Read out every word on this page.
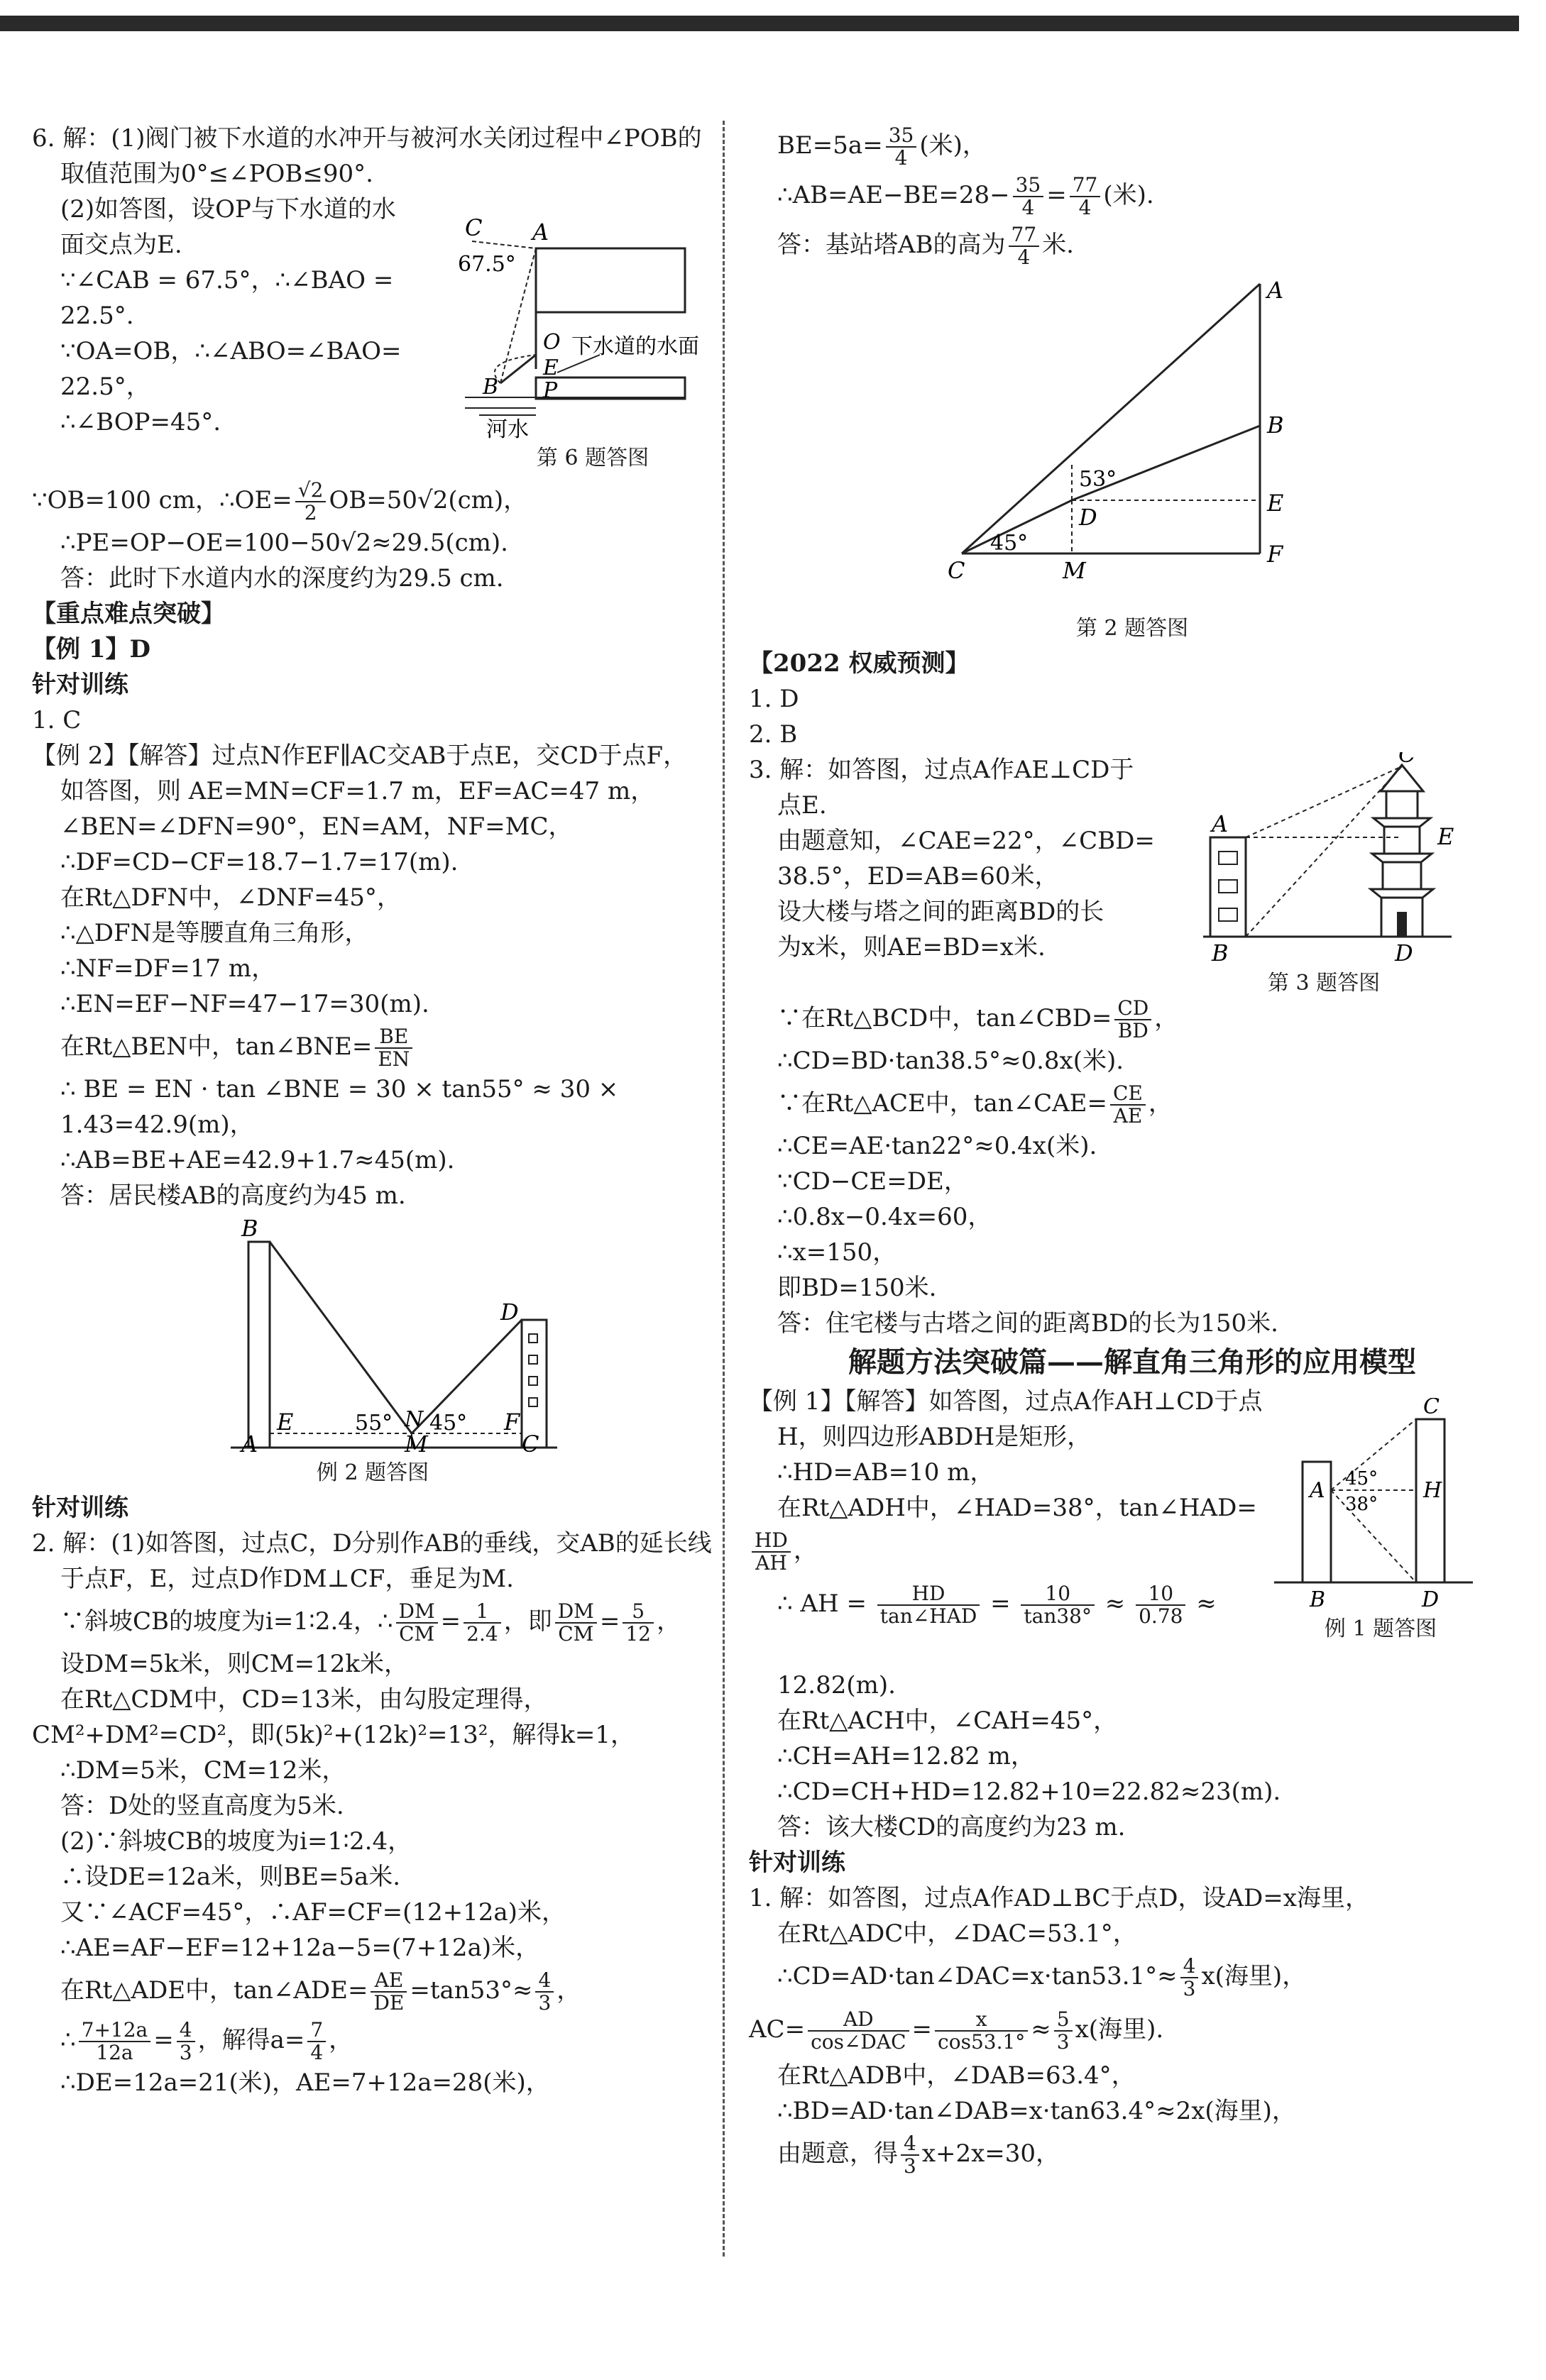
6. 解：(1)阀门被下水道的水冲开与被河水关闭过程中∠POB的
取值范围为0°≤∠POB≤90°.
(2)如答图，设OP与下水道的水
面交点为E.
∵∠CAB = 67.5°，∴∠BAO =
22.5°.
∵OA=OB，∴∠ABO=∠BAO=
22.5°，
∴∠BOP=45°.
C A
67.5°
O
B
E
P
下水道的水面
河水
第 6 题答图
∵OB=100 cm，∴OE= $\frac{√2}{2} OB=50√2(cm)$，
∴PE=OP−OE=100−50√2≈29.5(cm).
答：此时下水道内水的深度约为29.5 cm.
【重点难点突破】
【例 1】D
针对训练
1. C
【例 2】【解答】过点N作EF∥AC交AB于点E，交CD于点F，
如答图，则 AE=MN=CF=1.7 m，EF=AC=47 m，
∠BEN=∠DFN=90°，EN=AM，NF=MC，
∴DF=CD−CF=18.7−1.7=17(m).
在Rt△DFN中，∠DNF=45°，
∴△DFN是等腰直角三角形，
∴NF=DF=17 m，
∴EN=EF−NF=47−17=30(m).
在Rt△BEN中，tan∠BNE= $\frac{BE}{EN}$
∴ BE = EN · tan ∠BNE = 30 × tan55° ≈ 30 ×
1.43=42.9(m)，
∴AB=BE+AE=42.9+1.7≈45(m).
答：居民楼AB的高度约为45 m.
B
D
E	N	F
A	M	C
55° 45°
例 2 题答图
针对训练
2. 解：(1)如答图，过点C，D分别作AB的垂线，交AB的延长线
于点F，E，过点D作DM⊥CF，垂足为M.
∵斜坡CB的坡度为i=1∶2.4，∴ $\frac{DM}{CM} = \frac{1}{2.4}$ ，即 $\frac{DM}{CM} = \frac{5}{12}$ ，
设DM=5k米，则CM=12k米，
在Rt△CDM中，CD=13米，由勾股定理得，
CM²+DM²=CD²，即(5k)²+(12k)²=13²，解得k=1，
∴DM=5米，CM=12米，
答：D处的竖直高度为5米.
(2)∵斜坡CB的坡度为i=1∶2.4，
∴设DE=12a米，则BE=5a米.
又∵∠ACF=45°，∴AF=CF=(12+12a)米，
∴AE=AF−EF=12+12a−5=(7+12a)米，
在Rt△ADE中，tan∠ADE= $\frac{AE}{DE} =\tan 53^\circ\approx \frac{4}{3}$ ，
∴ $\frac{7+12a}{12a} = \frac{4}{3}$ ，解得$a= \frac{7}{4}$ ，
∴DE=12a=21(米)，AE=7+12a=28(米)，
$BE=5a= \frac{35}{4}$ (米)，
∴AB=AE−BE=28− $\frac{35}{4} = \frac{77}{4}$ (米).
答：基站塔AB的高为 $\frac{77}{4}$ 米.
A
B
D
E
F
C	M
53°
45°
第 2 题答图
【2022 权威预测】
1. D
2. B
3. 解：如答图，过点A作AE⊥CD于
点E.
由题意知，∠CAE=22°，∠CBD=
38.5°，ED=AB=60米，
设大楼与塔之间的距离BD的长
为x米，则AE=BD=x米.
C
A	E
B	D
第 3 题答图
∵在Rt△BCD中，tan∠CBD= $\frac{CD}{BD}$ ，
∴CD=BD·tan38.5°≈0.8x(米).
∵在Rt△ACE中，tan∠CAE= $\frac{CE}{AE}$ ，
∴CE=AE·tan22°≈0.4x(米).
∵CD−CE=DE，
∴0.8x−0.4x=60，
∴x=150，
即BD=150米.
答：住宅楼与古塔之间的距离BD的长为150米.
解题方法突破篇——解直角三角形的应用模型
【例 1】【解答】如答图，过点A作AH⊥CD于点
H，则四边形ABDH是矩形，
∴HD=AB=10 m，
在Rt△ADH中，∠HAD=38°，tan∠HAD=
$\frac{HD}{AH}$ ，
∴ AH = $\frac{HD}{\text{tan∠HAD}} = \frac{10}{\tan 38^\circ} \approx \frac{10}{0.78}$ ≈
A
C
H
B	D
45°
38°
例 1 题答图
12.82(m).
在Rt△ACH中，∠CAH=45°，
∴CH=AH=12.82 m，
∴CD=CH+HD=12.82+10=22.82≈23(m).
答：该大楼CD的高度约为23 m.
针对训练
1. 解：如答图，过点A作AD⊥BC于点D，设AD=x海里，
在Rt△ADC中，∠DAC=53.1°，
∴CD=AD·tan∠DAC=x·tan53.1°≈ $\frac{4}{3} x$(海里)，
$AC= \frac{AD}{\text{cos∠DAC}} = \frac{x}{\cos 53.1^\circ} \approx \frac{5}{3} x$(海里).
在Rt△ADB中，∠DAB=63.4°，
∴BD=AD·tan∠DAB=x·tan63.4°≈2x(海里)，
由题意，得 $\frac{4}{3} x+2x=30$，
